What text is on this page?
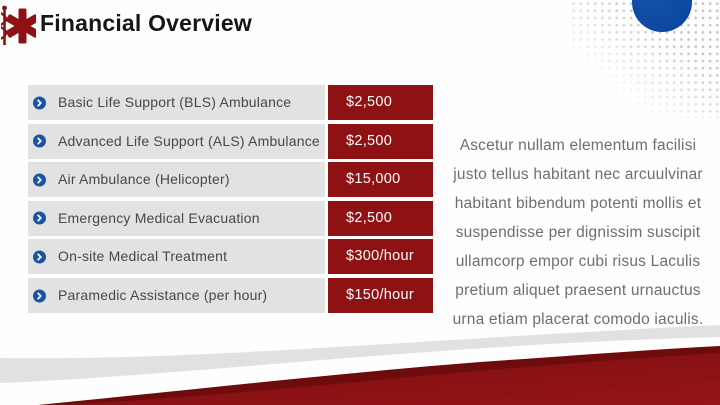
Financial Overview
Basic Life Support (BLS) Ambulance	$2,500
Advanced Life Support (ALS) Ambulance	$2,500
Air Ambulance (Helicopter)	$15,000
Emergency Medical Evacuation	$2,500
On-site Medical Treatment	$300/hour
Paramedic Assistance (per hour)	$150/hour
Ascetur nullam elementum facilisi
justo tellus habitant nec arcuulvinar
habitant bibendum potenti mollis et
suspendisse per dignissim suscipit
ullamcorp empor cubi risus Laculis
pretium aliquet praesent urnauctus
urna etiam placerat comodo iaculis.
